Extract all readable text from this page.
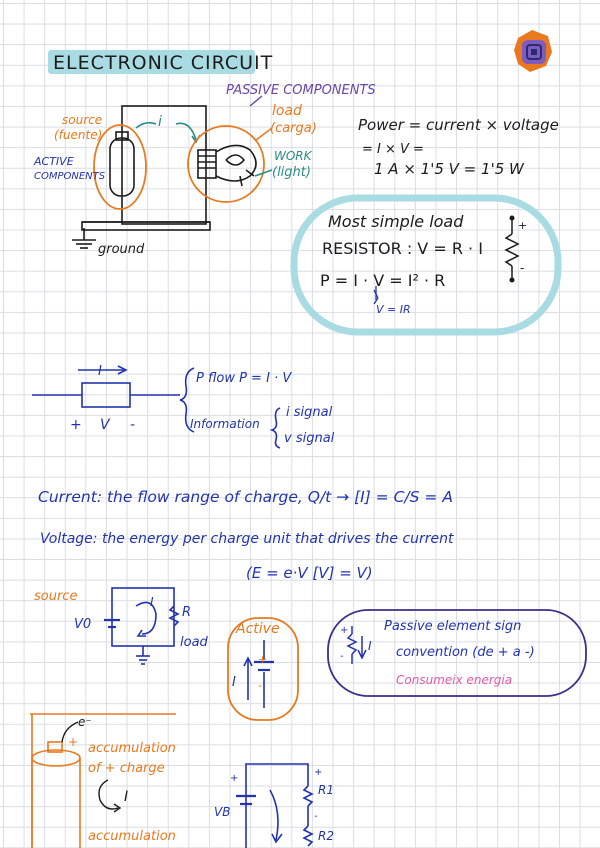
ELECTRONIC CIRCUIT
PASSIVE COMPONENTS
source
(fuente)
ACTIVE
COMPONENTS
i
load
(carga)
WORK
(light)
ground
Power = current × voltage
= I × V =
1 A × 1'5 V = 1'5 W
Most simple load
RESISTOR : V = R · I
P = I · V = I² · R
V = IR
+
-
I
+ V -
P flow P = I · V
Information
i signal
v signal
Current: the flow range of charge, Q/t → [I] = C/S = A
Voltage: the energy per charge unit that drives the current
(E = e·V [V] = V)
source
V0
I
R
load
Active
I
+
-
Passive element sign
convention (de + a -)
Consumeix energia
+
-
I
e⁻
+ accumulation
of + charge
I
accumulation
VB
R1
R2
+
+
-
